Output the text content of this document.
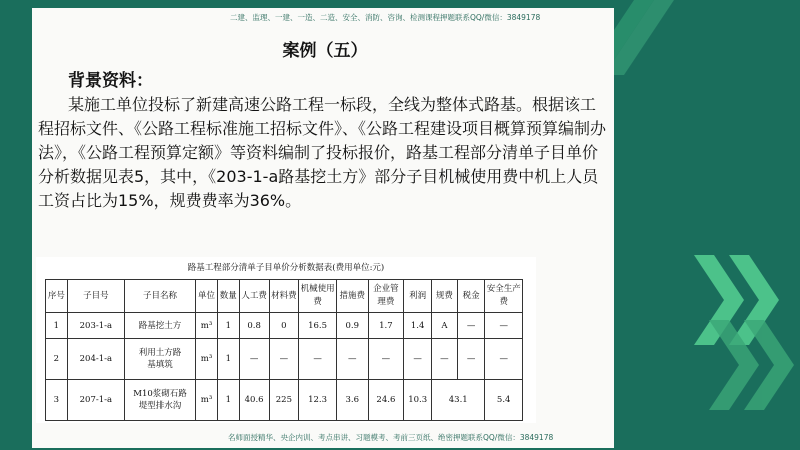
二建、监理、一建、一造、二造、安全、消防、咨询、检测课程押题联系QQ/微信：3849178
案例（五）
背景资料：
某施工单位投标了新建高速公路工程一标段，全线为整体式路基。根据该工程招标文件、《公路工程标准施工招标文件》、《公路工程建设项目概算预算编制办法》，《公路工程预算定额》等资料编制了投标报价，路基工程部分清单子目单价分析数据见表5，其中，《203-1-a路基挖土方》部分子目机械使用费中机上人员工资占比为15%，规费费率为36%。
路基工程部分清单子目单价分析数据表(费用单位:元)
序号	子目号	子目名称	单位	数量	人工费	材料费	机械使用费	措施费	企业管理费	利润	规费	税金	安全生产费
1	203-1-a	路基挖土方	m³	1	0.8	0	16.5	0.9	1.7	1.4	A	—	—
2	204-1-a	利用土方路基填筑	m³	1	—	—	—	—	—	—	—	—	—
3	207-1-a	M10浆砌石路堤型排水沟	m³	1	40.6	225	12.3	3.6	24.6	10.3	43.1		5.4
名师面授精华、央企内训、考点串讲、习题模考、考前三页纸、绝密押题联系QQ/微信：3849178
